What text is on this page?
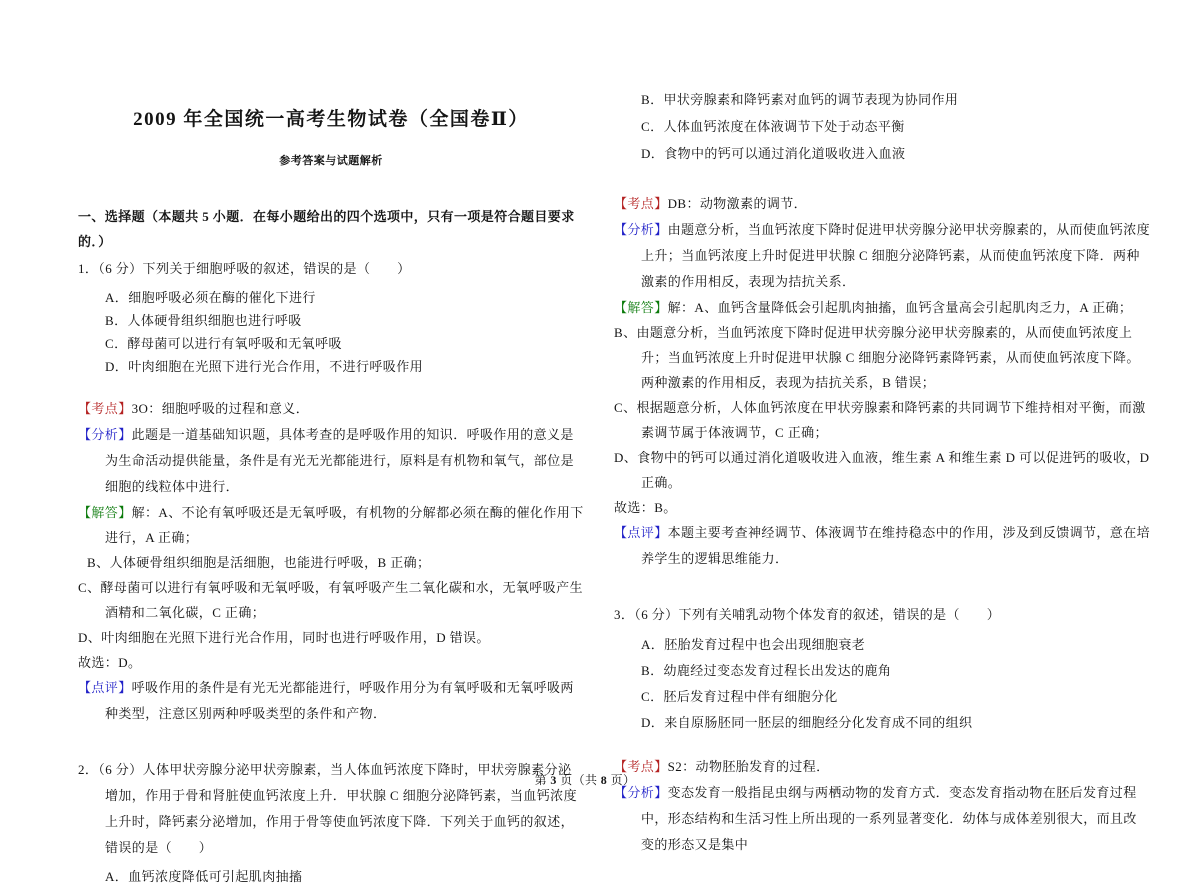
2009 年全国统一高考生物试卷（全国卷Ⅱ）
参考答案与试题解析
一、选择题（本题共 5 小题．在每小题给出的四个选项中，只有一项是符合题目要求的．）
1．（6 分）下列关于细胞呼吸的叙述，错误的是（　　）
A．细胞呼吸必须在酶的催化下进行
B．人体硬骨组织细胞也进行呼吸
C．酵母菌可以进行有氧呼吸和无氧呼吸
D．叶肉细胞在光照下进行光合作用，不进行呼吸作用
【考点】3O：细胞呼吸的过程和意义．
【分析】此题是一道基础知识题，具体考查的是呼吸作用的知识．呼吸作用的意义是为生命活动提供能量，条件是有光无光都能进行，原料是有机物和氧气，部位是细胞的线粒体中进行．
【解答】解：A、不论有氧呼吸还是无氧呼吸，有机物的分解都必须在酶的催化作用下进行，A 正确；
B、人体硬骨组织细胞是活细胞，也能进行呼吸，B 正确；
C、酵母菌可以进行有氧呼吸和无氧呼吸，有氧呼吸产生二氧化碳和水，无氧呼吸产生酒精和二氧化碳，C 正确；
D、叶肉细胞在光照下进行光合作用，同时也进行呼吸作用，D 错误。
故选：D。
【点评】呼吸作用的条件是有光无光都能进行，呼吸作用分为有氧呼吸和无氧呼吸两种类型，注意区别两种呼吸类型的条件和产物．
2．（6 分）人体甲状旁腺分泌甲状旁腺素，当人体血钙浓度下降时，甲状旁腺素分泌增加，作用于骨和肾脏使血钙浓度上升．甲状腺 C 细胞分泌降钙素，当血钙浓度上升时，降钙素分泌增加，作用于骨等使血钙浓度下降．下列关于血钙的叙述，错误的是（　　）
A．血钙浓度降低可引起肌肉抽搐
B．甲状旁腺素和降钙素对血钙的调节表现为协同作用
C．人体血钙浓度在体液调节下处于动态平衡
D．食物中的钙可以通过消化道吸收进入血液
【考点】DB：动物激素的调节．
【分析】由题意分析，当血钙浓度下降时促进甲状旁腺分泌甲状旁腺素的，从而使血钙浓度上升；当血钙浓度上升时促进甲状腺 C 细胞分泌降钙素，从而使血钙浓度下降．两种激素的作用相反，表现为拮抗关系．
【解答】解：A、血钙含量降低会引起肌肉抽搐，血钙含量高会引起肌肉乏力，A 正确；
B、由题意分析，当血钙浓度下降时促进甲状旁腺分泌甲状旁腺素的，从而使血钙浓度上升；当血钙浓度上升时促进甲状腺 C 细胞分泌降钙素降钙素，从而使血钙浓度下降。两种激素的作用相反，表现为拮抗关系，B 错误；
C、根据题意分析，人体血钙浓度在甲状旁腺素和降钙素的共同调节下维持相对平衡，而激素调节属于体液调节，C 正确；
D、食物中的钙可以通过消化道吸收进入血液，维生素 A 和维生素 D 可以促进钙的吸收，D 正确。
故选：B。
【点评】本题主要考查神经调节、体液调节在维持稳态中的作用，涉及到反馈调节，意在培养学生的逻辑思维能力．
3．（6 分）下列有关哺乳动物个体发育的叙述，错误的是（　　）
A．胚胎发育过程中也会出现细胞衰老
B．幼鹿经过变态发育过程长出发达的鹿角
C．胚后发育过程中伴有细胞分化
D．来自原肠胚同一胚层的细胞经分化发育成不同的组织
【考点】S2：动物胚胎发育的过程．
【分析】变态发育一般指昆虫纲与两栖动物的发育方式．变态发育指动物在胚后发育过程中，形态结构和生活习性上所出现的一系列显著变化．幼体与成体差别很大，而且改变的形态又是集中
第 3 页（共 8 页）
